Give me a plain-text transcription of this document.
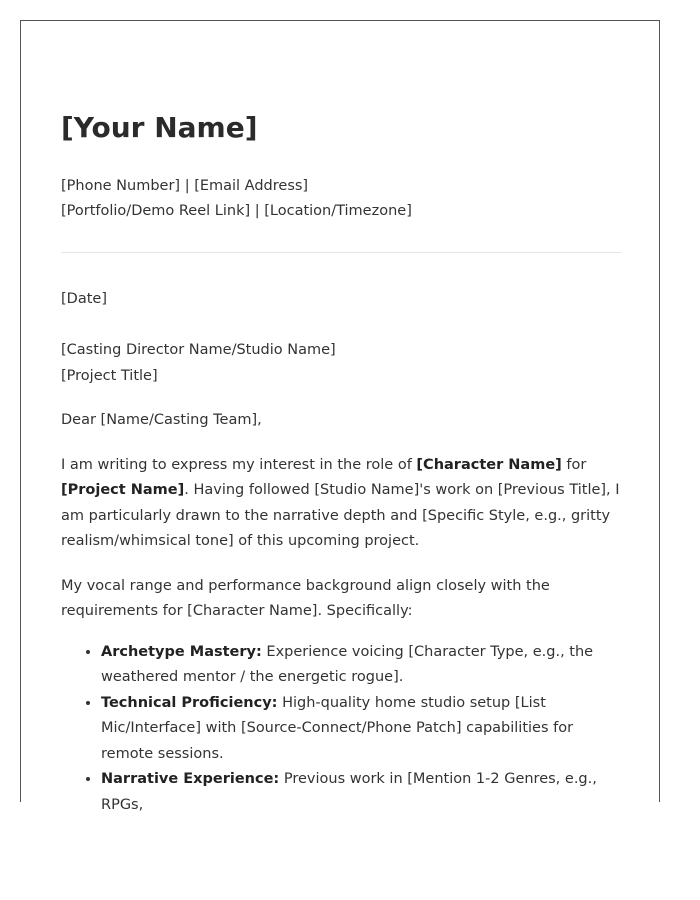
[Your Name]
[Phone Number] | [Email Address]
[Portfolio/Demo Reel Link] | [Location/Timezone]
[Date]
[Casting Director Name/Studio Name]
[Project Title]
Dear [Name/Casting Team],
I am writing to express my interest in the role of [Character Name] for [Project Name]. Having followed [Studio Name]'s work on [Previous Title], I am particularly drawn to the narrative depth and [Specific Style, e.g., gritty realism/whimsical tone] of this upcoming project.
My vocal range and performance background align closely with the requirements for [Character Name]. Specifically:
• Archetype Mastery: Experience voicing [Character Type, e.g., the weathered mentor / the energetic rogue].
• Technical Proficiency: High-quality home studio setup [List Mic/Interface] with [Source-Connect/Phone Patch] capabilities for remote sessions.
• Narrative Experience: Previous work in [Mention 1-2 Genres, e.g., RPGs,
